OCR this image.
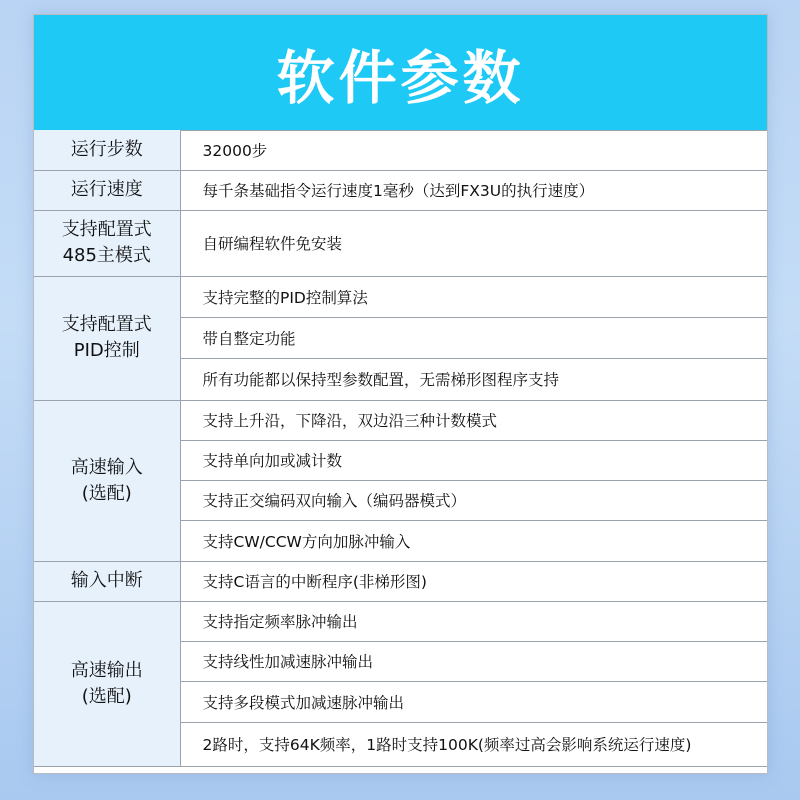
软件参数
运行步数	32000步

运行速度	每千条基础指令运行速度1毫秒（达到FX3U的执行速度）

支持配置式
485主模式	自研编程软件免安装

支持配置式
PID控制	支持完整的PID控制算法
	带自整定功能
	所有功能都以保持型参数配置，无需梯形图程序支持

高速输入
(选配)	支持上升沿，下降沿，双边沿三种计数模式
	支持单向加或减计数
	支持正交编码双向输入（编码器模式）
	支持CW/CCW方向加脉冲输入

输入中断	支持C语言的中断程序(非梯形图)

高速输出
(选配)	支持指定频率脉冲输出
	支持线性加减速脉冲输出
	支持多段模式加减速脉冲输出
	2路时，支持64K频率，1路时支持100K(频率过高会影响系统运行速度)
